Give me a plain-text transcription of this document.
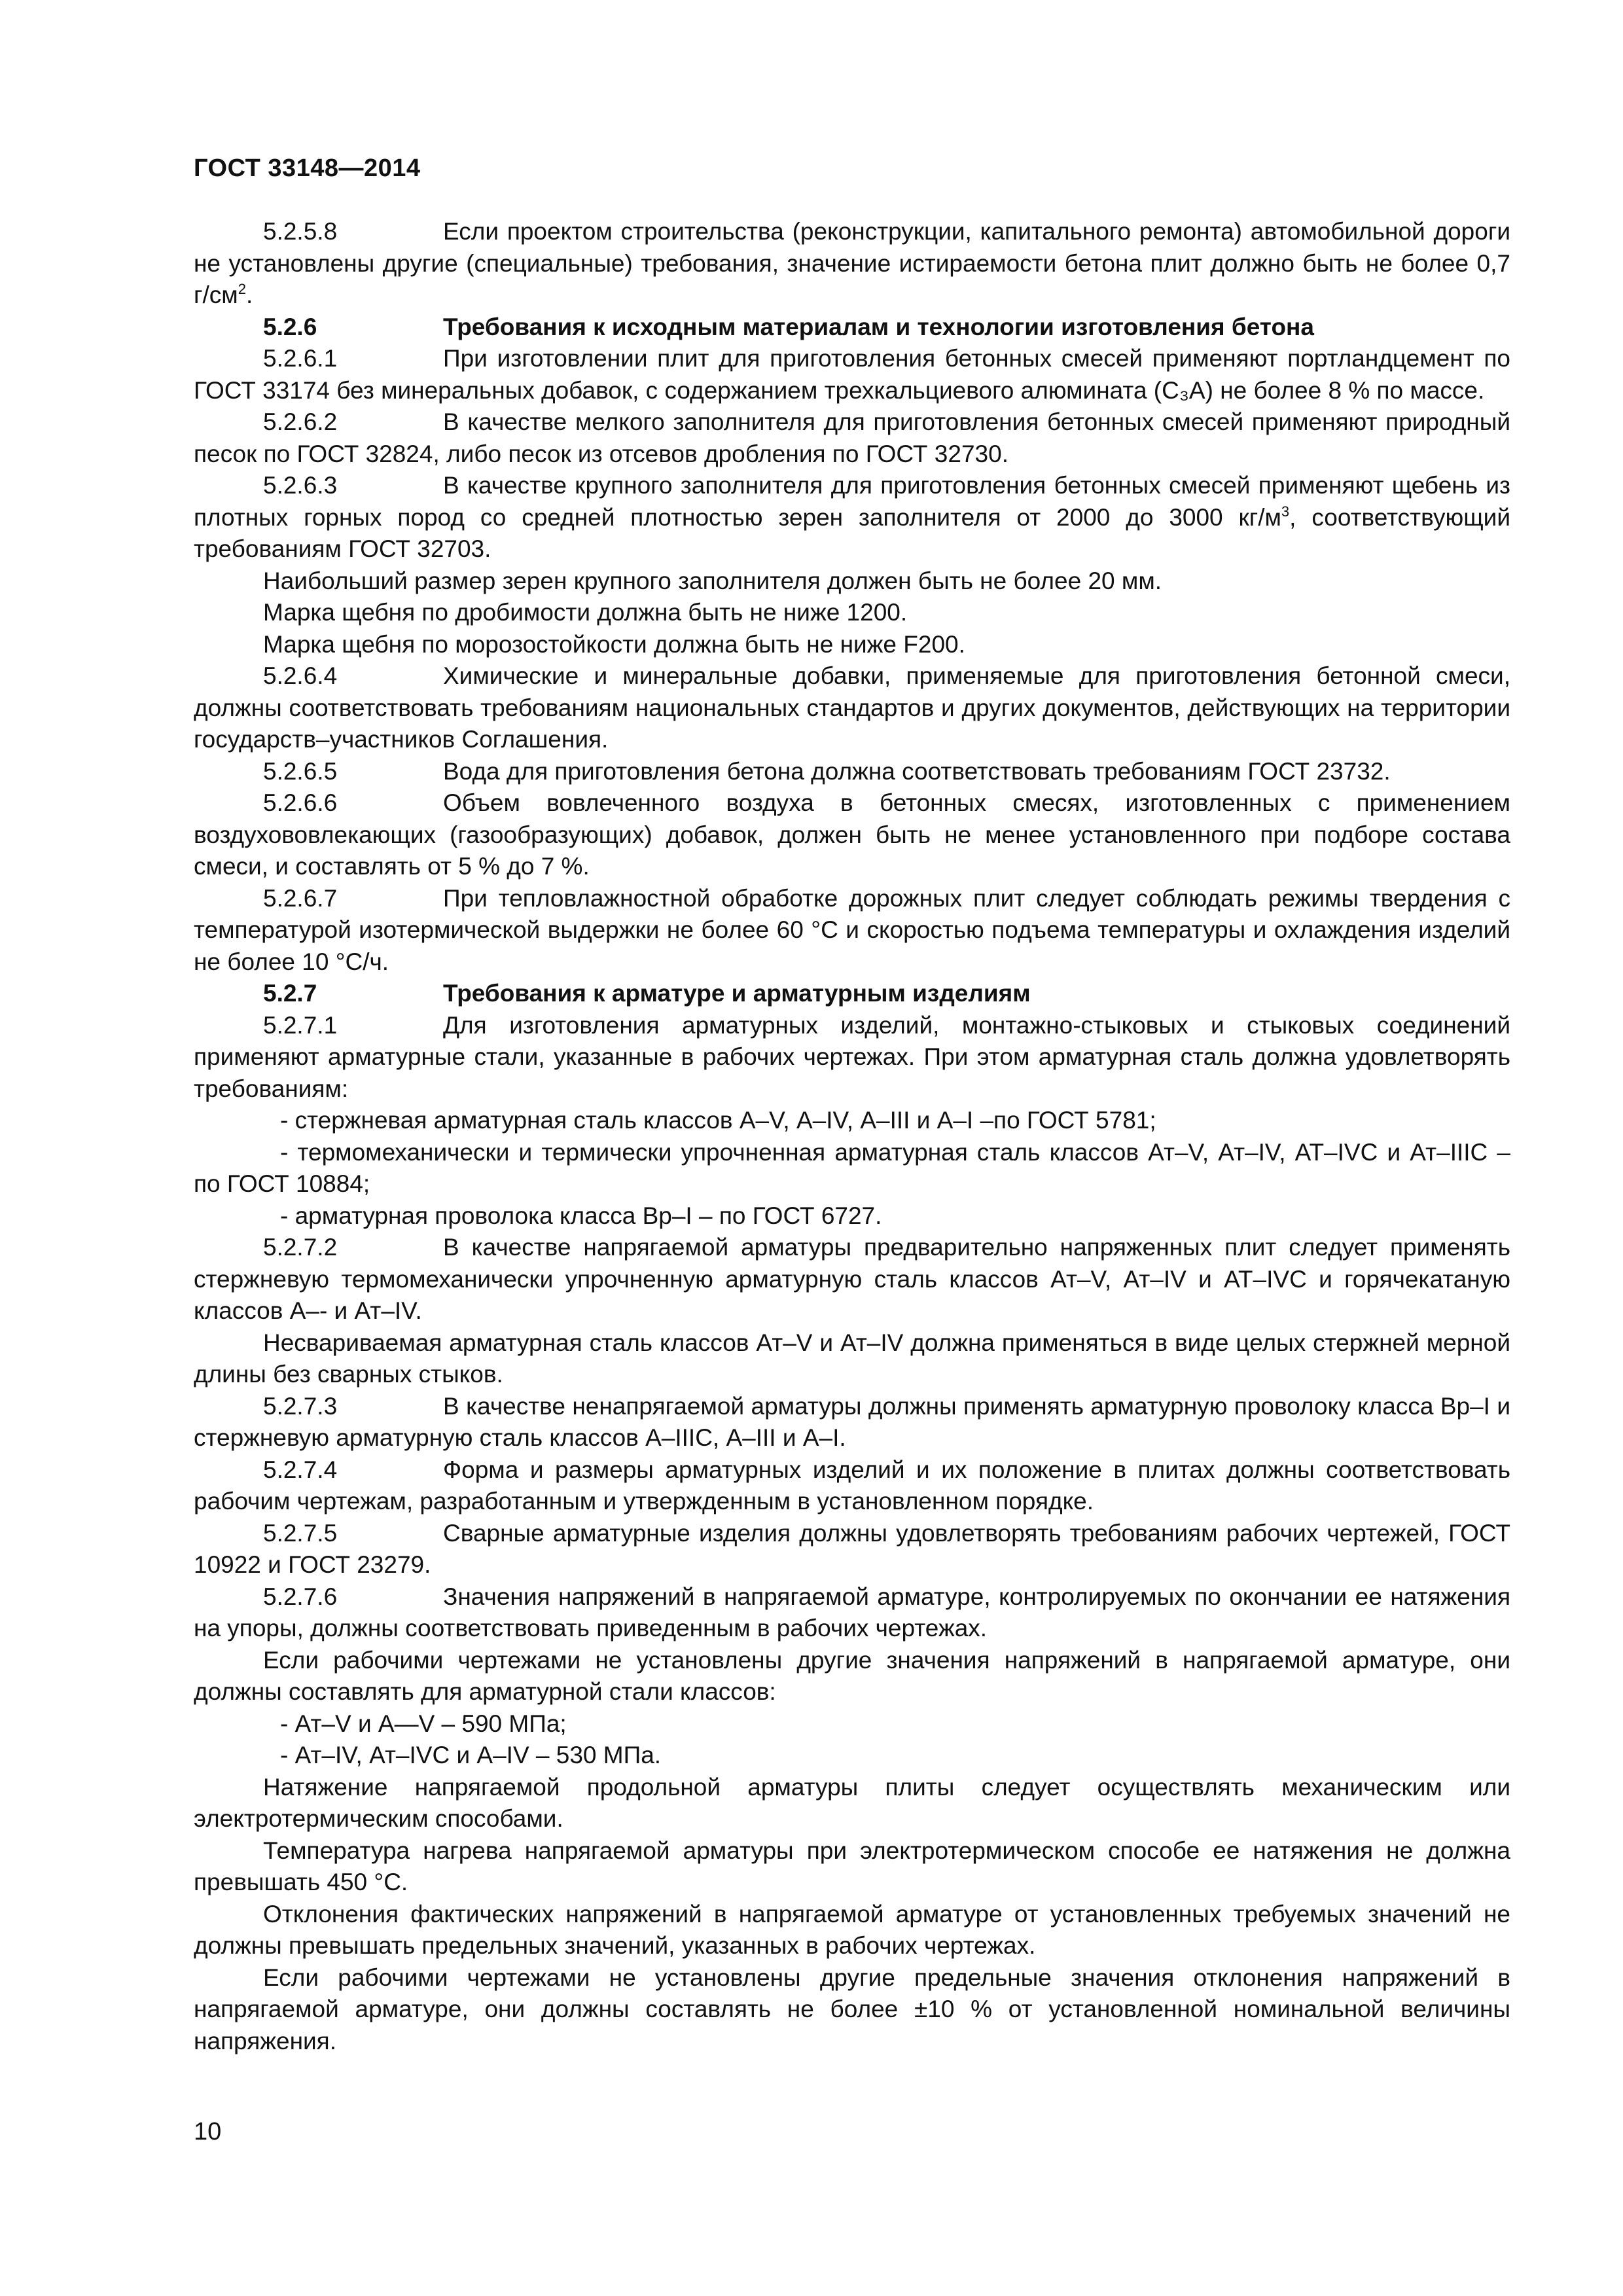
ГОСТ 33148—2014
5.2.5.8	Если проектом строительства (реконструкции, капитального ремонта) автомобильной дороги не установлены другие (специальные) требования, значение истираемости бетона плит должно быть не более 0,7 $г/см^2$.
5.2.6	Требования к исходным материалам и технологии изготовления бетона
5.2.6.1	При изготовлении плит для приготовления бетонных смесей применяют портландцемент по ГОСТ 33174 без минеральных добавок, с содержанием трехкальциевого алюмината (С₃А) не более 8 % по массе.
5.2.6.2	В качестве мелкого заполнителя для приготовления бетонных смесей применяют природный песок по ГОСТ 32824, либо песок из отсевов дробления по ГОСТ 32730.
5.2.6.3	В качестве крупного заполнителя для приготовления бетонных смесей применяют щебень из плотных горных пород со средней плотностью зерен заполнителя от 2000 до 3000 $кг/м^3$, соответствующий требованиям ГОСТ 32703.
Наибольший размер зерен крупного заполнителя должен быть не более 20 мм.
Марка щебня по дробимости должна быть не ниже 1200.
Марка щебня по морозостойкости должна быть не ниже F200.
5.2.6.4	Химические и минеральные добавки, применяемые для приготовления бетонной смеси, должны соответствовать требованиям национальных стандартов и других документов, действующих на территории государств–участников Соглашения.
5.2.6.5	Вода для приготовления бетона должна соответствовать требованиям ГОСТ 23732.
5.2.6.6	Объем вовлеченного воздуха в бетонных смесях, изготовленных с применением воздухововлекающих (газообразующих) добавок, должен быть не менее установленного при подборе состава смеси, и составлять от 5 % до 7 %.
5.2.6.7	При тепловлажностной обработке дорожных плит следует соблюдать режимы твердения с температурой изотермической выдержки не более 60 °С и скоростью подъема температуры и охлаждения изделий не более 10 °С/ч.
5.2.7	Требования к арматуре и арматурным изделиям
5.2.7.1	Для изготовления арматурных изделий, монтажно-стыковых и стыковых соединений применяют арматурные стали, указанные в рабочих чертежах. При этом арматурная сталь должна удовлетворять требованиям:
- стержневая арматурная сталь классов А–V, А–IV, А–III и А–I –по ГОСТ 5781;
- термомеханически и термически упрочненная арматурная сталь классов Ат–V, Ат–IV, АТ–IVС и Ат–IIIС – по ГОСТ 10884;
- арматурная проволока класса Вр–I – по ГОСТ 6727.
5.2.7.2	В качестве напрягаемой арматуры предварительно напряженных плит следует применять стержневую термомеханически упрочненную арматурную сталь классов Ат–V, Ат–IV и АТ–IVС и горячекатаную классов А–- и Ат–IV.
Несвариваемая арматурная сталь классов Ат–V и Ат–IV должна применяться в виде целых стержней мерной длины без сварных стыков.
5.2.7.3	В качестве ненапрягаемой арматуры должны применять арматурную проволоку класса Вр–I и стержневую арматурную сталь классов А–IIIС, А–III и А–I.
5.2.7.4	Форма и размеры арматурных изделий и их положение в плитах должны соответствовать рабочим чертежам, разработанным и утвержденным в установленном порядке.
5.2.7.5	Сварные арматурные изделия должны удовлетворять требованиям рабочих чертежей, ГОСТ 10922 и ГОСТ 23279.
5.2.7.6	Значения напряжений в напрягаемой арматуре, контролируемых по окончании ее натяжения на упоры, должны соответствовать приведенным в рабочих чертежах.
Если рабочими чертежами не установлены другие значения напряжений в напрягаемой арматуре, они должны составлять для арматурной стали классов:
- Ат–V и А—V – 590 МПа;
- Ат–IV, Ат–IVС и А–IV – 530 МПа.
Натяжение напрягаемой продольной арматуры плиты следует осуществлять механическим или электротермическим способами.
Температура нагрева напрягаемой арматуры при электротермическом способе ее натяжения не должна превышать 450 °С.
Отклонения фактических напряжений в напрягаемой арматуре от установленных требуемых значений не должны превышать предельных значений, указанных в рабочих чертежах.
Если рабочими чертежами не установлены другие предельные значения отклонения напряжений в напрягаемой арматуре, они должны составлять не более ±10 % от установленной номинальной величины напряжения.
10
